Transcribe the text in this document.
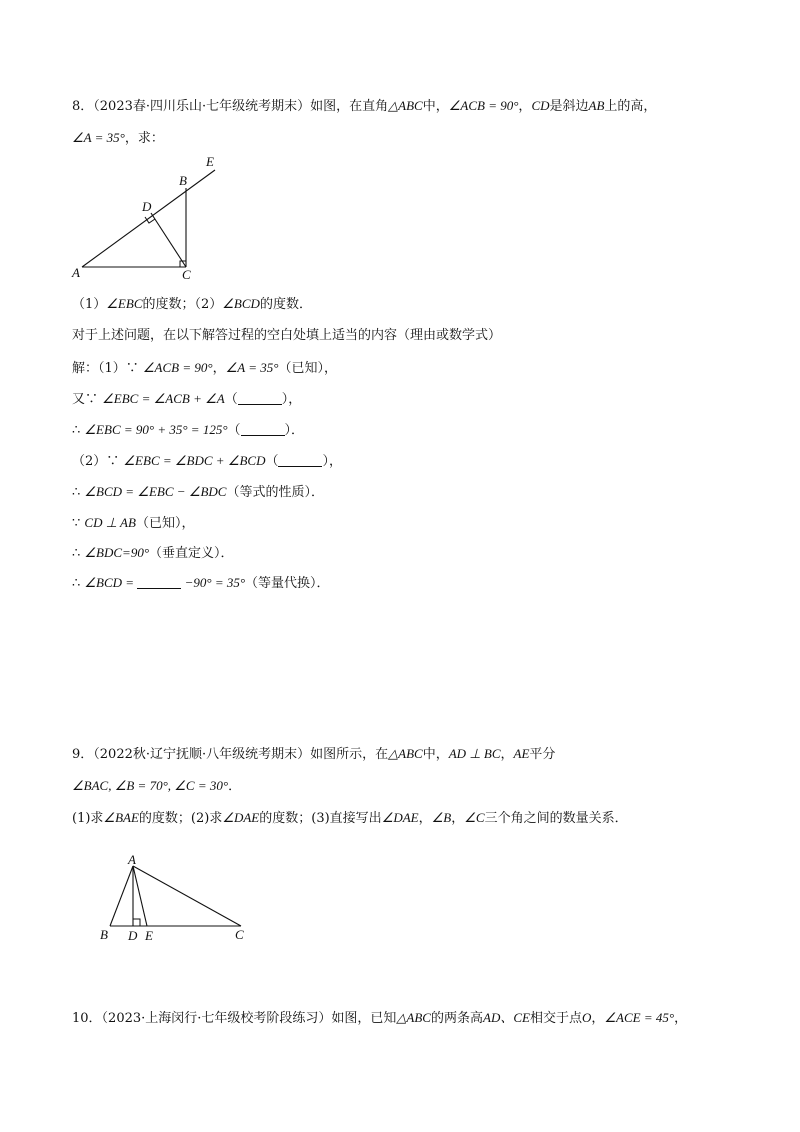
8．（2023春·四川乐山·七年级统考期末）如图，在直角△ABC中，∠ACB = 90°，CD是斜边AB上的高，
∠A = 35°，求：
A
B
C
D
E
（1）∠EBC的度数；（2）∠BCD的度数．
对于上述问题，在以下解答过程的空白处填上适当的内容（理由或数学式）
解：（1）∵ ∠ACB = 90°，∠A = 35°（已知），
又∵ ∠EBC = ∠ACB + ∠A（	），
∴ ∠EBC = 90° + 35° = 125°（	）．
（2）∵ ∠EBC = ∠BDC + ∠BCD（	），
∴ ∠BCD = ∠EBC − ∠BDC（等式的性质）．
∵ CD ⊥ AB（已知），
∴ ∠BDC=90°（垂直定义）．
∴ ∠BCD =	−90° = 35°（等量代换）．
9．（2022秋·辽宁抚顺·八年级统考期末）如图所示，在△ABC中，AD ⊥ BC，AE平分
∠BAC, ∠B = 70°, ∠C = 30°．
(1)求∠BAE的度数；(2)求∠DAE的度数；(3)直接写出∠DAE，∠B，∠C三个角之间的数量关系．
A
B D E	C
10．（2023·上海闵行·七年级校考阶段练习）如图，已知△ABC的两条高AD、CE相交于点O，∠ACE = 45°，
